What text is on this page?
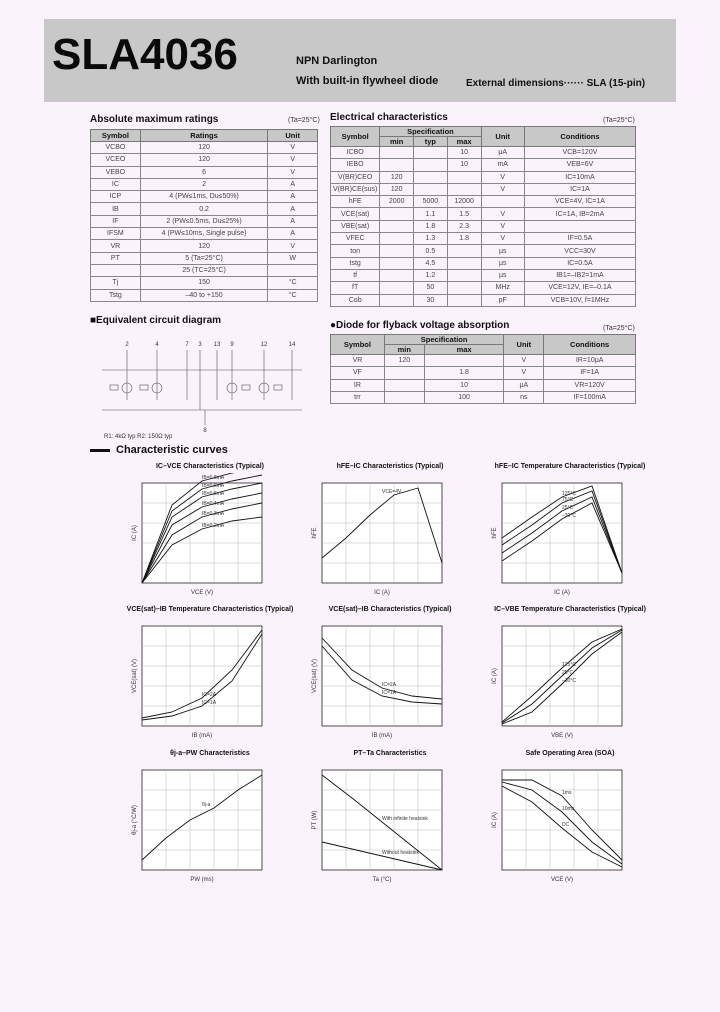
SLA4036	NPN Darlington
With built-in flywheel diode	External dimensions······ SLA (15-pin)
Absolute maximum ratings	(Ta=25°C)
Symbol	Ratings	Unit
VCBO	120	V
VCEO	120	V
VEBO	6	V
IC	2	A
ICP	4 (PW≤1ms, Du≤50%)	A
IB	0.2	A
IF	2 (PW≤0.5ms, Du≤25%)	A
IFSM	4 (PW≤10ms, Single pulse)	A
VR	120	V
PT	5 (Ta=25°C)	W
	25 (TC=25°C)	
Tj	150	°C
Tstg	–40 to +150	°C
Electrical characteristics	(Ta=25°C)
Symbol	Specification			Unit	Conditions
	min	typ	max		
ICBO			10	μA	VCB=120V
IEBO			10	mA	VEB=6V
V(BR)CEO	120			V	IC=10mA
V(BR)CE(sus)	120			V	IC=1A
hFE	2000	5000	12000		VCE=4V, IC=1A
VCE(sat)		1.1	1.5	V	IC=1A, IB=2mA
VBE(sat)		1.8	2.3	V	
VFEC		1.3	1.8	V	IF=0.5A
ton		0.5		μs	VCC=30V
tstg		4.5		μs	IC=0.5A
tf		1.2		μs	IB1=–IB2=1mA
fT		50		MHz	VCE=12V, IE=–0.1A
Cob		30		pF	VCB=10V, f=1MHz
■Equivalent circuit diagram
2	4	7 3 13 9	12	14
8
R1: 4kΩ typ R2: 150Ω typ
●Diode for flyback voltage absorption	(Ta=25°C)
Symbol	Specification		Unit	Conditions
	min	max		
VR	120		V	IR=10μA
VF		1.8	V	IF=1A
IR		10	μA	VR=120V
trr		100	ns	IF=100mA
Characteristic curves
IC–VCE Characteristics (Typical)
IB=0.8mA
IB=0.6mA
IB=0.5mA
IB=0.4mA
IB=0.3mA
IB=0.2mA
VCE (V)
IC (A)
hFE–IC Characteristics (Typical)
VCE=4V
IC (A)
hFE
hFE–IC Temperature Characteristics (Typical)
125°C
75°C
25°C
–30°C
IC (A)
hFE
VCE(sat)–IB Temperature Characteristics (Typical)
IC=1A
IC=2A
IB (mA)
VCE(sat) (V)
VCE(sat)–IB Characteristics (Typical)
IC=2A
IC=1A
IB (mA)
VCE(sat) (V)
IC–VBE Temperature Characteristics (Typical)
125°C
25°C
–30°C
VBE (V)
IC (A)
θj-a–PW Characteristics
θj-a
PW (ms)
θj-a (°C/W)
PT–Ta Characteristics
With infinite heatsink
Without heatsink
Ta (°C)
PT (W)
Safe Operating Area (SOA)
1ms
10ms
DC
VCE (V)
IC (A)
